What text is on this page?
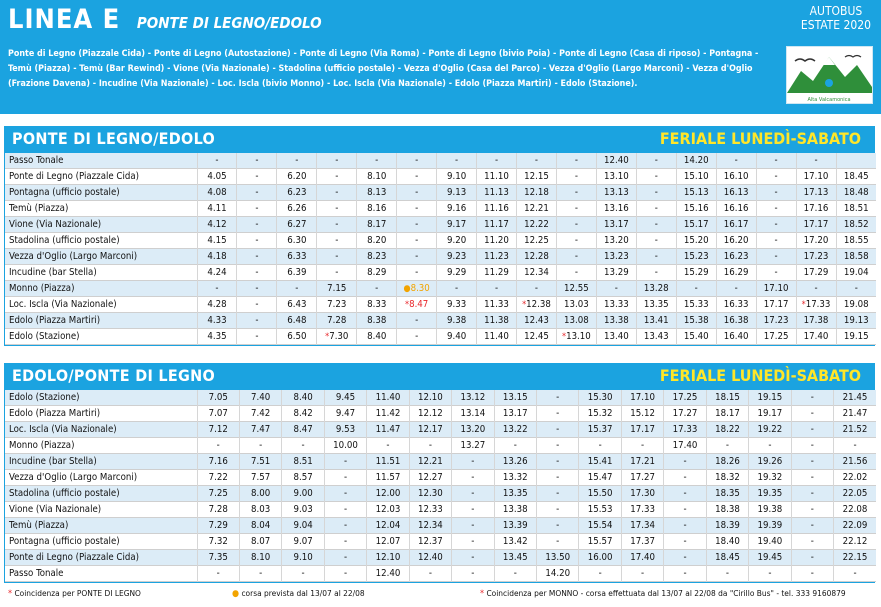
LINEA E PONTE DI LEGNO/EDOLO
AUTOBUS
ESTATE 2020
Ponte di Legno (Piazzale Cida) - Ponte di Legno (Autostazione) - Ponte di Legno (Via Roma) - Ponte di Legno (bivio Poia) - Ponte di Legno (Casa di riposo) - Pontagna - Temù (Piazza) - Temù (Bar Rewind) - Vione (Via Nazionale) - Stadolina (ufficio postale) - Vezza d'Oglio (Casa del Parco) - Vezza d'Oglio (Largo Marconi) - Vezza d'Oglio (Frazione Davena) - Incudine (Via Nazionale) - Loc. Iscla (bivio Monno) - Loc. Iscla (Via Nazionale) - Edolo (Piazza Martiri) - Edolo (Stazione).
Alta Valcamonica
PONTE DI LEGNO/EDOLO	FERIALE LUNEDÌ-SABATO
Passo Tonale	-	-	-	-	-	-	-	-	-	-	12.40	-	14.20	-	-	-	
Ponte di Legno (Piazzale Cida)	4.05	-	6.20	-	8.10	-	9.10	11.10	12.15	-	13.10	-	15.10	16.10	-	17.10	18.45
Pontagna (ufficio postale)	4.08	-	6.23	-	8.13	-	9.13	11.13	12.18	-	13.13	-	15.13	16.13	-	17.13	18.48
Temù (Piazza)	4.11	-	6.26	-	8.16	-	9.16	11.16	12.21	-	13.16	-	15.16	16.16	-	17.16	18.51
Vione (Via Nazionale)	4.12	-	6.27	-	8.17	-	9.17	11.17	12.22	-	13.17	-	15.17	16.17	-	17.17	18.52
Stadolina (ufficio postale)	4.15	-	6.30	-	8.20	-	9.20	11.20	12.25	-	13.20	-	15.20	16.20	-	17.20	18.55
Vezza d'Oglio (Largo Marconi)	4.18	-	6.33	-	8.23	-	9.23	11.23	12.28	-	13.23	-	15.23	16.23	-	17.23	18.58
Incudine (bar Stella)	4.24	-	6.39	-	8.29	-	9.29	11.29	12.34	-	13.29	-	15.29	16.29	-	17.29	19.04
Monno (Piazza)	-	-	-	7.15	-	●8.30	-	-	-	12.55	-	13.28	-	-	17.10	-	-
Loc. Iscla (Via Nazionale)	4.28	-	6.43	7.23	8.33	*8.47	9.33	11.33	*12.38	13.03	13.33	13.35	15.33	16.33	17.17	*17.33	19.08
Edolo (Piazza Martiri)	4.33	-	6.48	7.28	8.38	-	9.38	11.38	12.43	13.08	13.38	13.41	15.38	16.38	17.23	17.38	19.13
Edolo (Stazione)	4.35	-	6.50	*7.30	8.40	-	9.40	11.40	12.45	*13.10	13.40	13.43	15.40	16.40	17.25	17.40	19.15
EDOLO/PONTE DI LEGNO	FERIALE LUNEDÌ-SABATO
Edolo (Stazione)	7.05	7.40	8.40	9.45	11.40	12.10	13.12	13.15	-	15.30	17.10	17.25	18.15	19.15	-	21.45
Edolo (Piazza Martiri)	7.07	7.42	8.42	9.47	11.42	12.12	13.14	13.17	-	15.32	15.12	17.27	18.17	19.17	-	21.47
Loc. Iscla (Via Nazionale)	7.12	7.47	8.47	9.53	11.47	12.17	13.20	13.22	-	15.37	17.17	17.33	18.22	19.22	-	21.52
Monno (Piazza)	-	-	-	10.00	-	-	13.27	-	-	-	-	17.40	-	-	-	-
Incudine (bar Stella)	7.16	7.51	8.51	-	11.51	12.21	-	13.26	-	15.41	17.21	-	18.26	19.26	-	21.56
Vezza d'Oglio (Largo Marconi)	7.22	7.57	8.57	-	11.57	12.27	-	13.32	-	15.47	17.27	-	18.32	19.32	-	22.02
Stadolina (ufficio postale)	7.25	8.00	9.00	-	12.00	12.30	-	13.35	-	15.50	17.30	-	18.35	19.35	-	22.05
Vione (Via Nazionale)	7.28	8.03	9.03	-	12.03	12.33	-	13.38	-	15.53	17.33	-	18.38	19.38	-	22.08
Temù (Piazza)	7.29	8.04	9.04	-	12.04	12.34	-	13.39	-	15.54	17.34	-	18.39	19.39	-	22.09
Pontagna (ufficio postale)	7.32	8.07	9.07	-	12.07	12.37	-	13.42	-	15.57	17.37	-	18.40	19.40	-	22.12
Ponte di Legno (Piazzale Cida)	7.35	8.10	9.10	-	12.10	12.40	-	13.45	13.50	16.00	17.40	-	18.45	19.45	-	22.15
Passo Tonale	-	-	-	-	12.40	-	-	-	14.20	-	-	-	-	-	-	-
* Coincidenza per PONTE DI LEGNO	● corsa prevista dal 13/07 al 22/08	* Coincidenza per MONNO - corsa effettuata dal 13/07 al 22/08 da "Cirillo Bus" - tel. 333 9160879
